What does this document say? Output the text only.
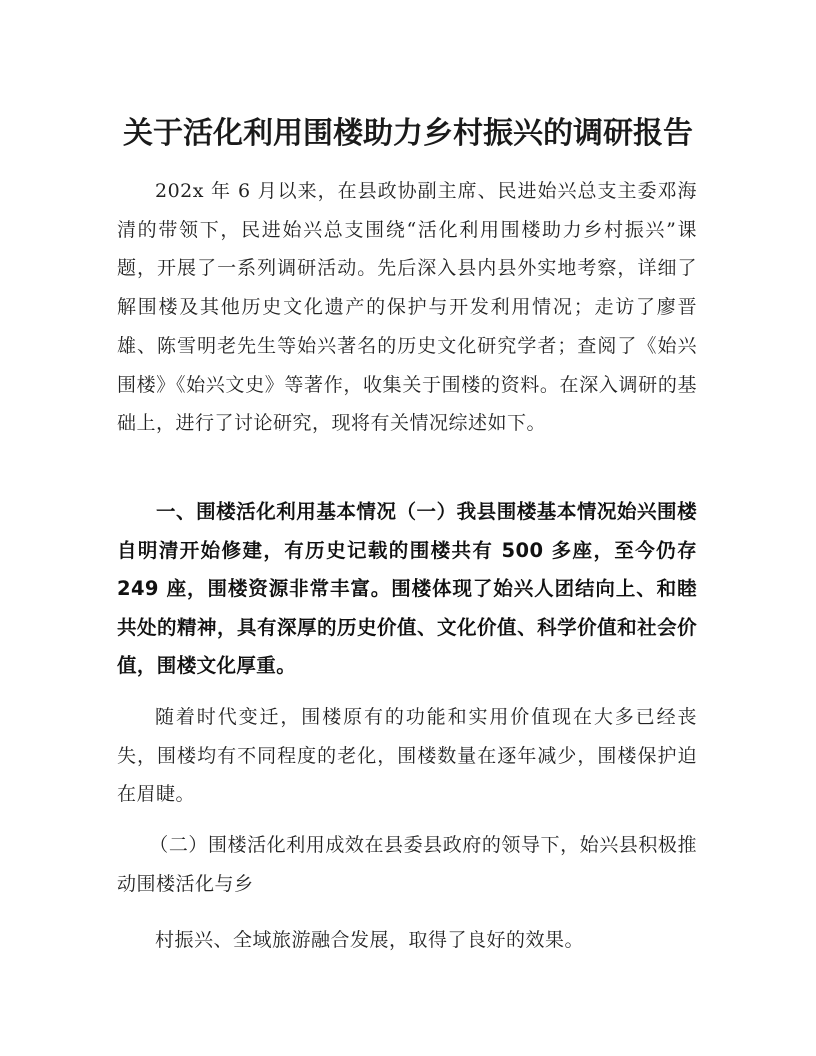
关于活化利用围楼助力乡村振兴的调研报告

202x 年 6 月以来，在县政协副主席、民进始兴总支主委邓海清的带领下，民进始兴总支围绕“活化利用围楼助力乡村振兴”课题，开展了一系列调研活动。先后深入县内县外实地考察，详细了解围楼及其他历史文化遗产的保护与开发利用情况；走访了廖晋雄、陈雪明老先生等始兴著名的历史文化研究学者；查阅了《始兴围楼》《始兴文史》等著作，收集关于围楼的资料。在深入调研的基础上，进行了讨论研究，现将有关情况综述如下。

一、围楼活化利用基本情况（一）我县围楼基本情况始兴围楼自明清开始修建，有历史记载的围楼共有 500 多座，至今仍存 249 座，围楼资源非常丰富。围楼体现了始兴人团结向上、和睦共处的精神，具有深厚的历史价值、文化价值、科学价值和社会价值，围楼文化厚重。

随着时代变迁，围楼原有的功能和实用价值现在大多已经丧失，围楼均有不同程度的老化，围楼数量在逐年减少，围楼保护迫在眉睫。

（二）围楼活化利用成效在县委县政府的领导下，始兴县积极推动围楼活化与乡

村振兴、全域旅游融合发展，取得了良好的效果。
